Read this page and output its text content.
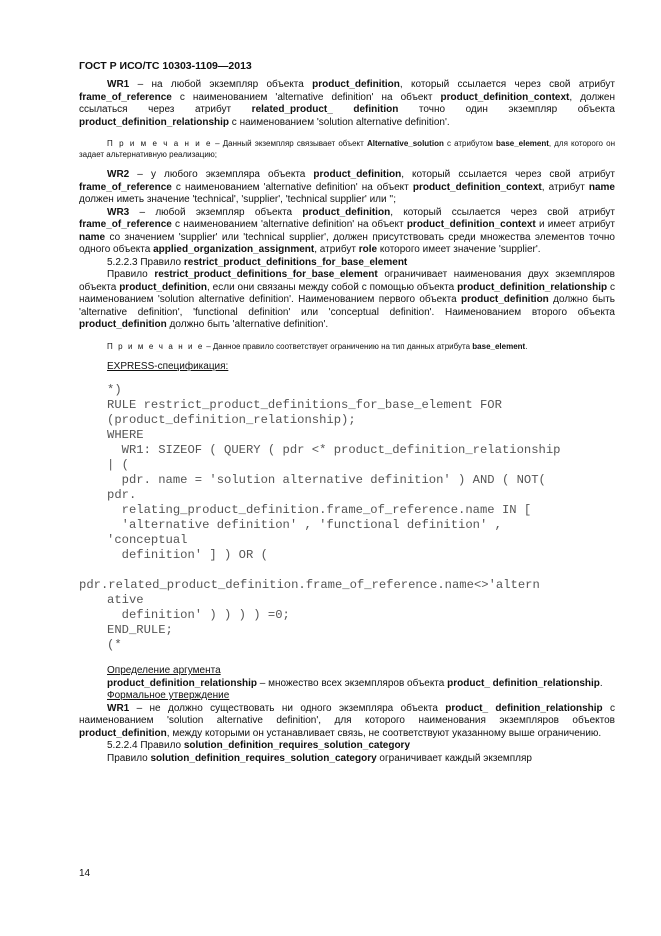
ГОСТ Р ИСО/ТС 10303-1109—2013

WR1 – на любой экземпляр объекта product_definition, который ссылается через свой атрибут frame_of_reference с наименованием 'alternative definition' на объект product_definition_context, должен ссылаться через атрибут related_product_ definition точно один экземпляр объекта product_definition_relationship с наименованием 'solution alternative definition'.

П р и м е ч а н и е – Данный экземпляр связывает объект Alternative_solution с атрибутом base_element, для которого он задает альтернативную реализацию;

WR2 – у любого экземпляра объекта product_definition, который ссылается через свой атрибут frame_of_reference с наименованием 'alternative definition' на объект product_definition_context, атрибут name должен иметь значение 'technical', 'supplier', 'technical supplier' или '';

WR3 – любой экземпляр объекта product_definition, который ссылается через свой атрибут frame_of_reference с наименованием 'alternative definition' на объект product_definition_context и имеет атрибут name со значением 'supplier' или 'technical supplier', должен присутствовать среди множества элементов точно одного объекта applied_organization_assignment, атрибут role которого имеет значение 'supplier'.

5.2.2.3 Правило restrict_product_definitions_for_base_element

Правило restrict_product_definitions_for_base_element ограничивает наименования двух экземпляров объекта product_definition, если они связаны между собой с помощью объекта product_definition_relationship с наименованием 'solution alternative definition'. Наименованием первого объекта product_definition должно быть 'alternative definition', 'functional definition' или 'conceptual definition'. Наименованием второго объекта product_definition должно быть 'alternative definition'.

П р и м е ч а н и е – Данное правило соответствует ограничению на тип данных атрибута base_element.

EXPRESS-спецификация:

*)
RULE restrict_product_definitions_for_base_element FOR
(product_definition_relationship);
WHERE
WR1: SIZEOF ( QUERY ( pdr <* product_definition_relationship
| (
pdr. name = 'solution alternative definition' ) AND ( NOT(
pdr.
relating_product_definition.frame_of_reference.name IN [
'alternative definition' , 'functional definition' ,
'conceptual
definition' ] ) OR (

pdr.related_product_definition.frame_of_reference.name<>'altern
ative
definition' ) ) ) ) =0;
END_RULE;
(*

Определение аргумента

product_definition_relationship – множество всех экземпляров объекта product_ definition_relationship.

Формальное утверждение

WR1 – не должно существовать ни одного экземпляра объекта product_ definition_relationship с наименованием 'solution alternative definition', для которого наименования экземпляров объектов product_definition, между которыми он устанавливает связь, не соответствуют указанному выше ограничению.

5.2.2.4 Правило solution_definition_requires_solution_category

Правило solution_definition_requires_solution_category ограничивает каждый экземпляр

14
